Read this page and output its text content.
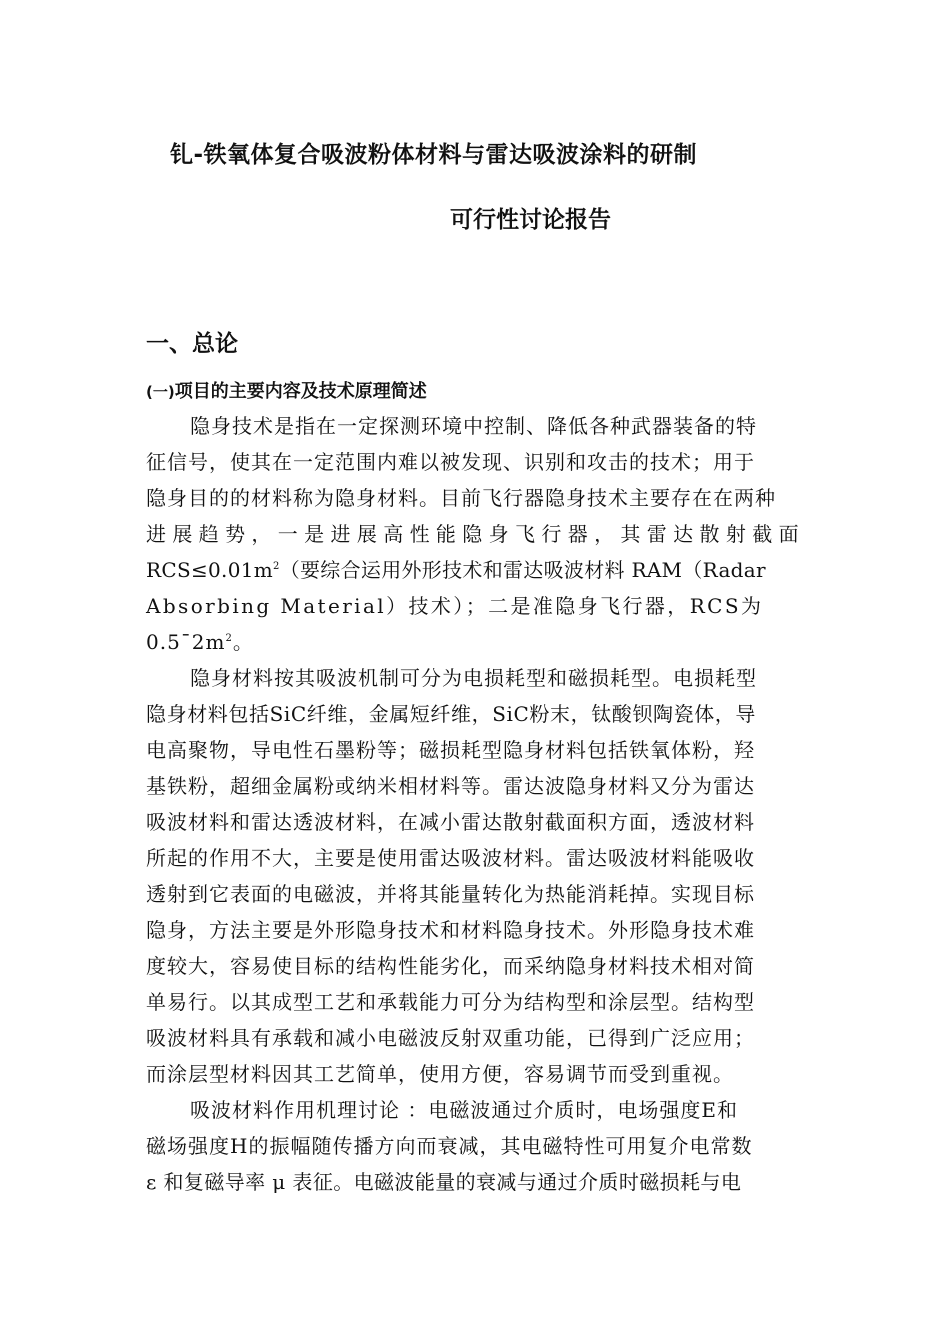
钆-铁氧体复合吸波粉体材料与雷达吸波涂料的研制
可行性讨论报告
一、总论
(一)项目的主要内容及技术原理简述
隐身技术是指在一定探测环境中控制、降低各种武器装备的特
征信号，使其在一定范围内难以被发现、识别和攻击的技术；用于
隐身目的的材料称为隐身材料。目前飞行器隐身技术主要存在在两种
进 展 趋 势 ， 一 是 进 展 高 性 能 隐 身 飞 行 器 ， 其 雷 达 散 射 截 面
$RCS\le 0.01m^2$（要综合运用外形技术和雷达吸波材料 RAM（Radar
Absorbing Material）技术）；二是准隐身飞行器，RCS为
$0.5¯2m^2$。
隐身材料按其吸波机制可分为电损耗型和磁损耗型。电损耗型
隐身材料包括SiC纤维，金属短纤维，SiC粉末，钛酸钡陶瓷体，导
电高聚物，导电性石墨粉等；磁损耗型隐身材料包括铁氧体粉，羟
基铁粉，超细金属粉或纳米相材料等。雷达波隐身材料又分为雷达
吸波材料和雷达透波材料，在减小雷达散射截面积方面，透波材料
所起的作用不大，主要是使用雷达吸波材料。雷达吸波材料能吸收
透射到它表面的电磁波，并将其能量转化为热能消耗掉。实现目标
隐身，方法主要是外形隐身技术和材料隐身技术。外形隐身技术难
度较大，容易使目标的结构性能劣化，而采纳隐身材料技术相对简
单易行。以其成型工艺和承载能力可分为结构型和涂层型。结构型
吸波材料具有承载和减小电磁波反射双重功能，已得到广泛应用；
而涂层型材料因其工艺简单，使用方便，容易调节而受到重视。
吸波材料作用机理讨论 ：电磁波通过介质时，电场强度E和
磁场强度H的振幅随传播方向而衰减，其电磁特性可用复介电常数
ε 和复磁导率 μ 表征。电磁波能量的衰减与通过介质时磁损耗与电
